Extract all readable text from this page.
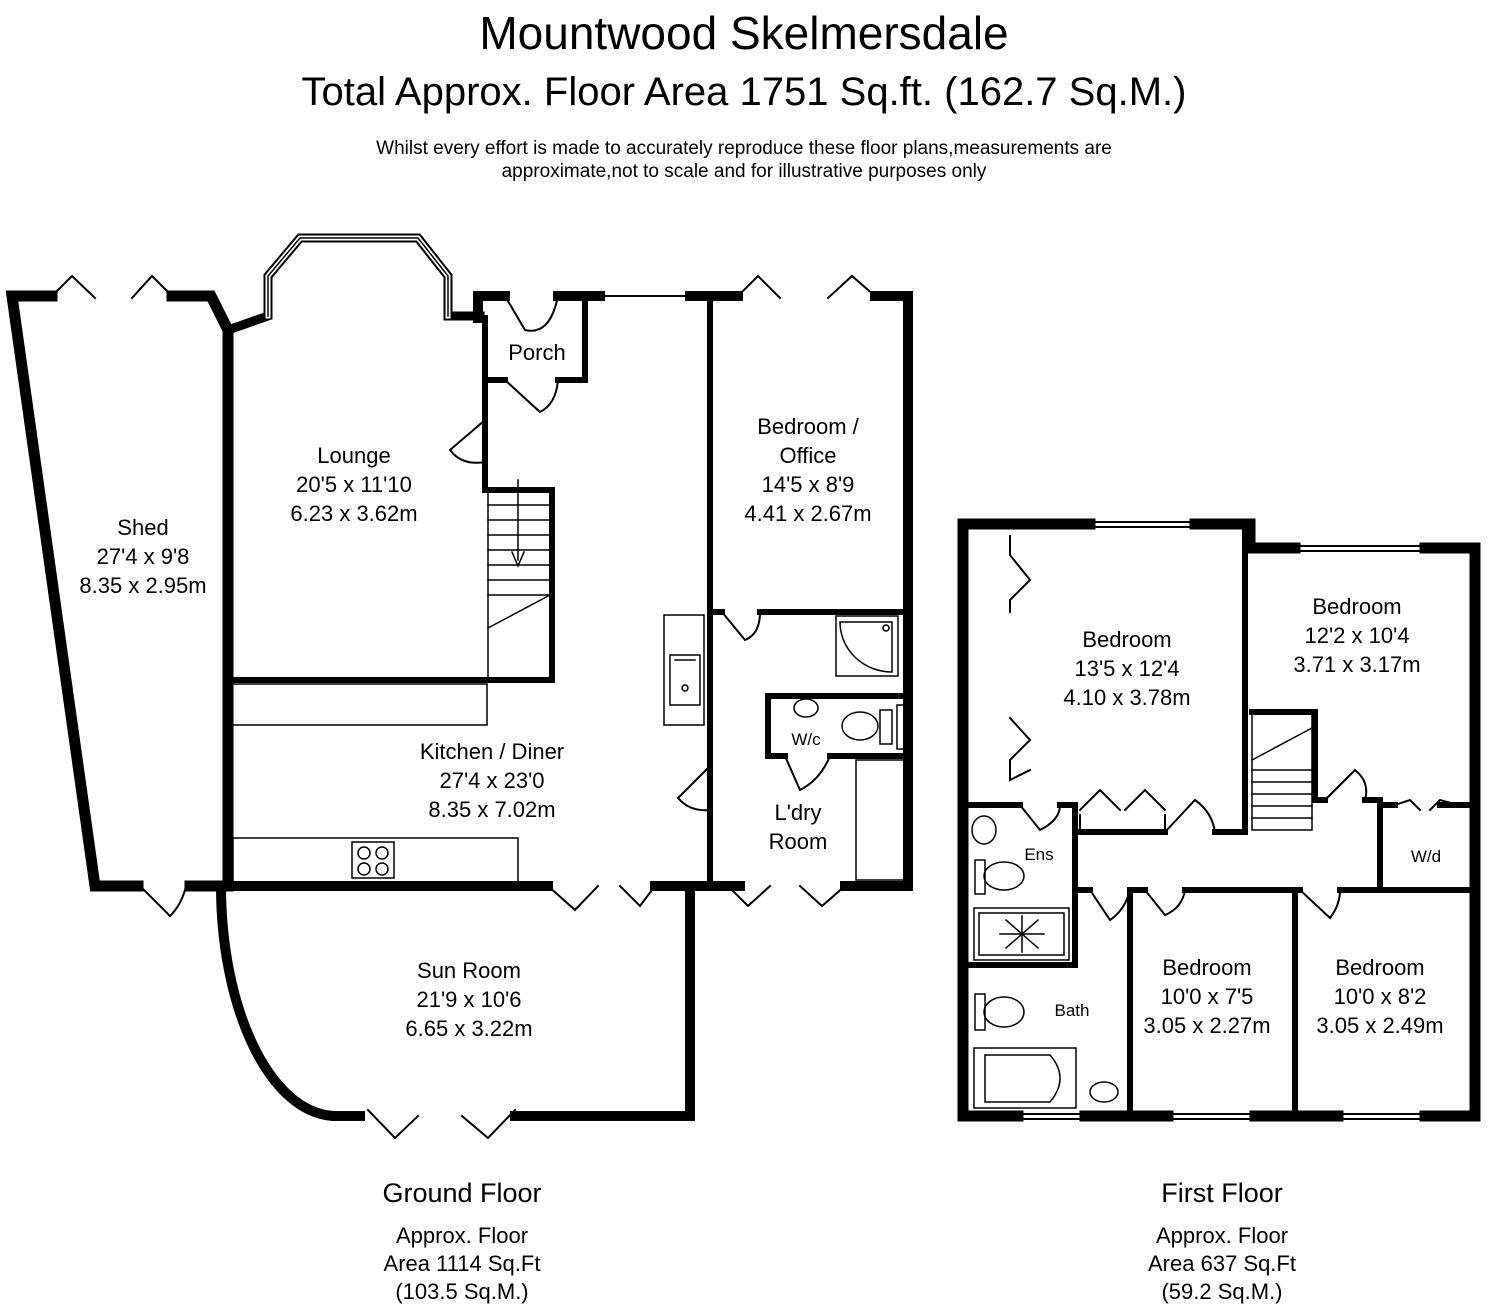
Mountwood Skelmersdale
Total Approx. Floor Area 1751 Sq.ft. (162.7 Sq.M.)
Whilst every effort is made to accurately reproduce these floor plans,measurements are
approximate,not to scale and for illustrative purposes only
Shed
27'4 x 9'8
8.35 x 2.95m
Lounge
20'5 x 11'10
6.23 x 3.62m
Porch
Bedroom /
Office
14'5 x 8'9
4.41 x 2.67m
Kitchen / Diner
27'4 x 23'0
8.35 x 7.02m
W/c
L'dry
Room
Sun Room
21'9 x 10'6
6.65 x 3.22m
Bedroom
13'5 x 12'4
4.10 x 3.78m
Bedroom
12'2 x 10'4
3.71 x 3.17m
Ens	W/d
Bath
Bedroom
10'0 x 7'5
3.05 x 2.27m
Bedroom
10'0 x 8'2
3.05 x 2.49m
Ground Floor
Approx. Floor
Area 1114 Sq.Ft
(103.5 Sq.M.)
First Floor
Approx. Floor
Area 637 Sq.Ft
(59.2 Sq.M.)
